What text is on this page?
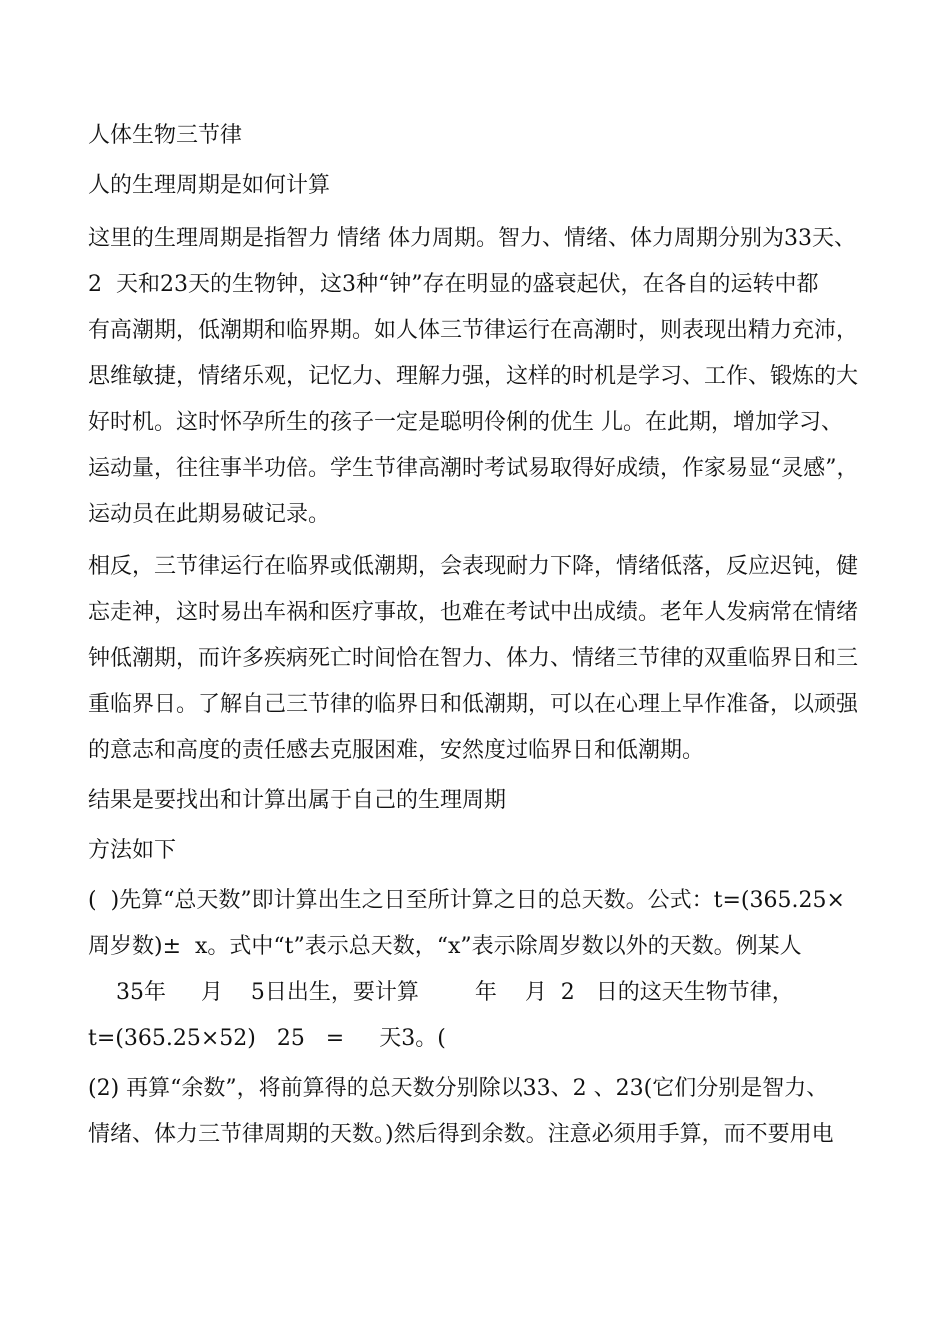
人体生物三节律
人的生理周期是如何计算
这里的生理周期是指智力 情绪 体力周期。智力、情绪、体力周期分别为33天、
2  天和23天的生物钟，这3种“钟”存在明显的盛衰起伏，在各自的运转中都
有高潮期，低潮期和临界期。如人体三节律运行在高潮时，则表现出精力充沛，
思维敏捷，情绪乐观，记忆力、理解力强，这样的时机是学习、工作、锻炼的大
好时机。这时怀孕所生的孩子一定是聪明伶俐的优生 儿。在此期，增加学习、
运动量，往往事半功倍。学生节律高潮时考试易取得好成绩，作家易显“灵感”，
运动员在此期易破记录。
相反，三节律运行在临界或低潮期，会表现耐力下降，情绪低落，反应迟钝，健
忘走神，这时易出车祸和医疗事故，也难在考试中出成绩。老年人发病常在情绪
钟低潮期，而许多疾病死亡时间恰在智力、体力、情绪三节律的双重临界日和三
重临界日。了解自己三节律的临界日和低潮期，可以在心理上早作准备，以顽强
的意志和高度的责任感去克服困难，安然度过临界日和低潮期。
结果是要找出和计算出属于自己的生理周期
方法如下
(  )先算“总天数”即计算出生之日至所计算之日的总天数。公式：t=(365.25×
周岁数)±  x。式中“t”表示总天数，“x”表示除周岁数以外的天数。例某人
35年     月    5日出生，要计算        年    月  2   日的这天生物节律，
t=(365.25×52)   25   =     天3。(
(2) 再算“余数”，将前算得的总天数分别除以33、2 、23(它们分别是智力、
情绪、体力三节律周期的天数。)然后得到余数。注意必须用手算，而不要用电
